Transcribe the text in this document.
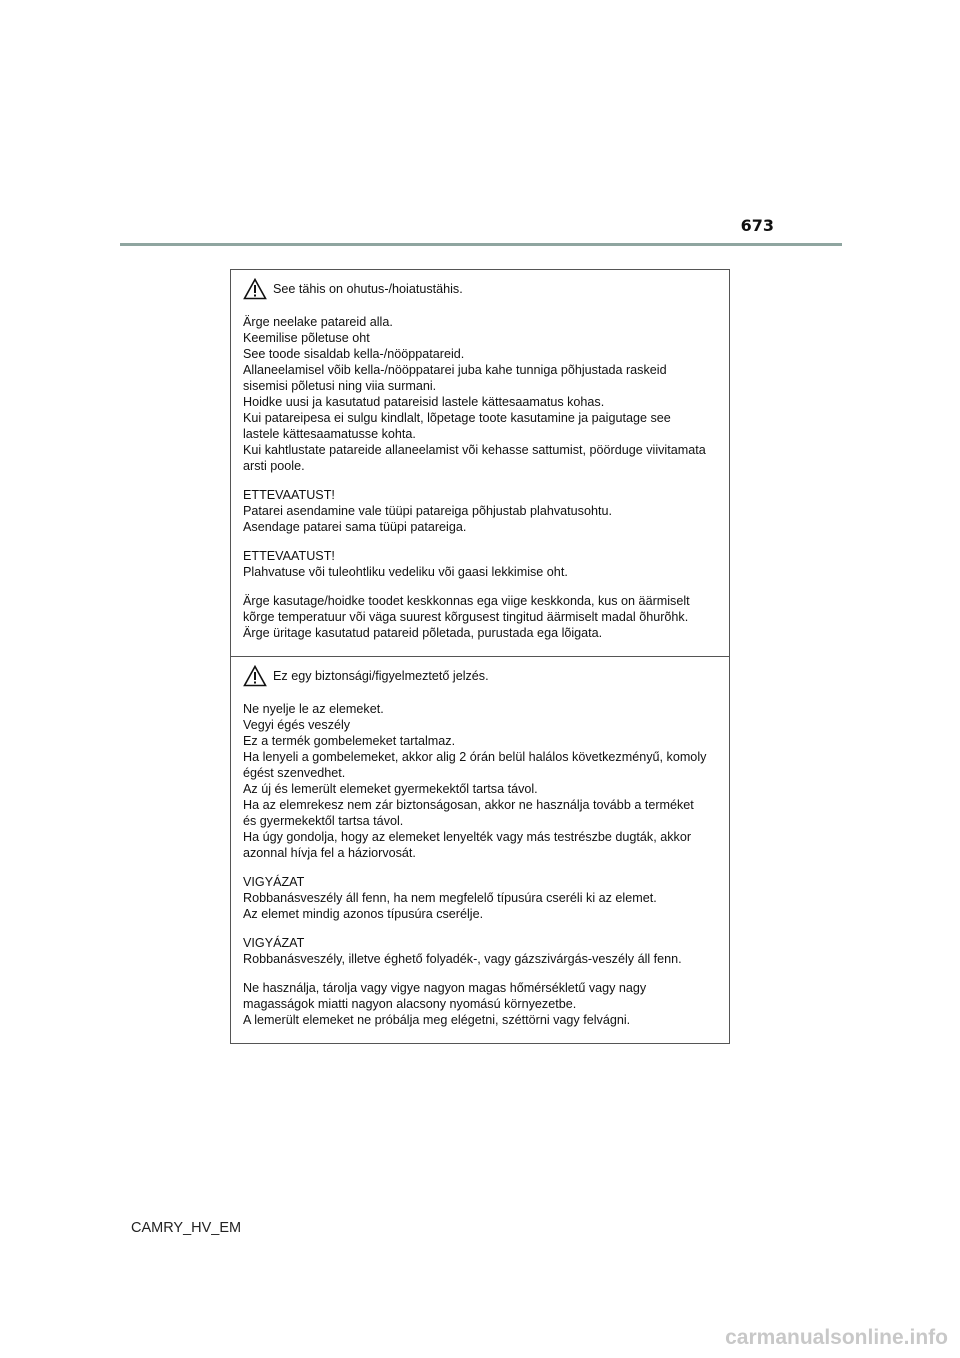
673
See tähis on ohutus-/hoiatustähis.
Ärge neelake patareid alla.
Keemilise põletuse oht
See toode sisaldab kella-/nööppatareid.
Allaneelamisel võib kella-/nööppatarei juba kahe tunniga põhjustada raskeid
sisemisi põletusi ning viia surmani.
Hoidke uusi ja kasutatud patareisid lastele kättesaamatus kohas.
Kui patareipesa ei sulgu kindlalt, lõpetage toote kasutamine ja paigutage see
lastele kättesaamatusse kohta.
Kui kahtlustate patareide allaneelamist või kehasse sattumist, pöörduge viivitamata
arsti poole.
ETTEVAATUST!
Patarei asendamine vale tüüpi patareiga põhjustab plahvatusohtu.
Asendage patarei sama tüüpi patareiga.
ETTEVAATUST!
Plahvatuse või tuleohtliku vedeliku või gaasi lekkimise oht.
Ärge kasutage/hoidke toodet keskkonnas ega viige keskkonda, kus on äärmiselt
kõrge temperatuur või väga suurest kõrgusest tingitud äärmiselt madal õhurõhk.
Ärge üritage kasutatud patareid põletada, purustada ega lõigata.
Ez egy biztonsági/figyelmeztető jelzés.
Ne nyelje le az elemeket.
Vegyi égés veszély
Ez a termék gombelemeket tartalmaz.
Ha lenyeli a gombelemeket, akkor alig 2 órán belül halálos következményű, komoly
égést szenvedhet.
Az új és lemerült elemeket gyermekektől tartsa távol.
Ha az elemrekesz nem zár biztonságosan, akkor ne használja tovább a terméket
és gyermekektől tartsa távol.
Ha úgy gondolja, hogy az elemeket lenyelték vagy más testrészbe dugták, akkor
azonnal hívja fel a háziorvosát.
VIGYÁZAT
Robbanásveszély áll fenn, ha nem megfelelő típusúra cseréli ki az elemet.
Az elemet mindig azonos típusúra cserélje.
VIGYÁZAT
Robbanásveszély, illetve éghető folyadék-, vagy gázszivárgás-veszély áll fenn.
Ne használja, tárolja vagy vigye nagyon magas hőmérsékletű vagy nagy
magasságok miatti nagyon alacsony nyomású környezetbe.
A lemerült elemeket ne próbálja meg elégetni, széttörni vagy felvágni.
CAMRY_HV_EM
carmanualsonline.info
